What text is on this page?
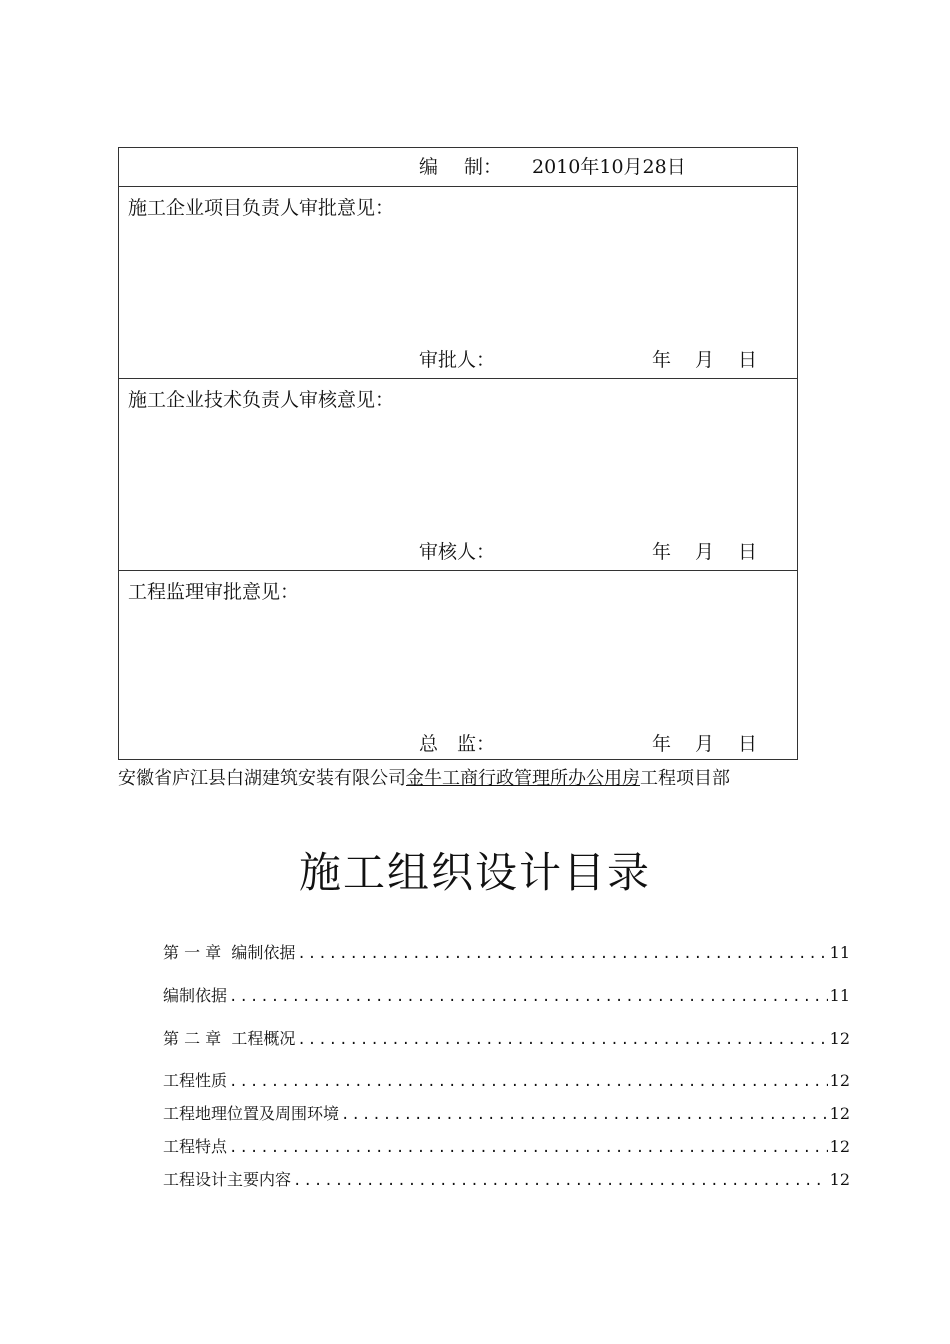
编 制： 2010年10月28日
施工企业项目负责人审批意见：
审批人：	年 月 日
施工企业技术负责人审核意见：
审核人：	年 月 日
工程监理审批意见：
总　监：	年 月 日
安徽省庐江县白湖建筑安装有限公司金牛工商行政管理所办公用房工程项目部
施工组织设计目录
第 一 章  编制依据 .....	11
编制依据 .....	11
第 二 章  工程概况 .....	12
工程性质 .....	12
工程地理位置及周围环境 .....	12
工程特点 .....	12
工程设计主要内容 .....	12
